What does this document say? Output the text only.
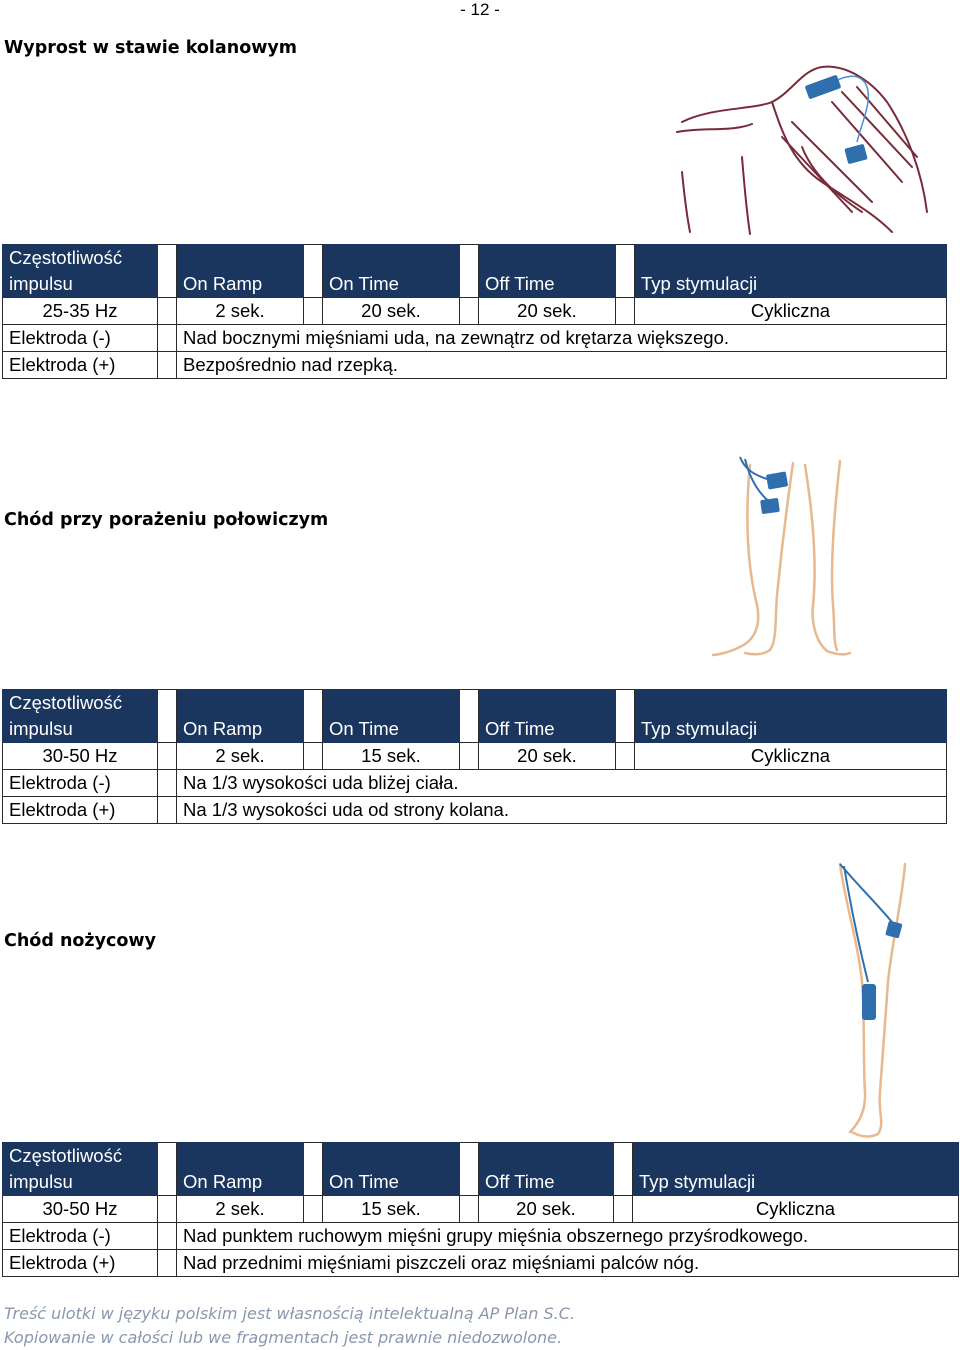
- 12 -
Wyprost w stawie kolanowym
Częstotliwość impulsu		On Ramp		On Time		Off Time		Typ stymulacji
25-35 Hz		2 sek.		20 sek.		20 sek.		Cykliczna
Elektroda (-)		Nad bocznymi mięśniami uda, na zewnątrz od krętarza większego.						
Elektroda (+)		Bezpośrednio nad rzepką.						
Chód przy porażeniu połowiczym
Częstotliwość impulsu		On Ramp		On Time		Off Time		Typ stymulacji
30-50 Hz		2 sek.		15 sek.		20 sek.		Cykliczna
Elektroda (-)		Na 1/3 wysokości uda bliżej ciała.						
Elektroda (+)		Na 1/3 wysokości uda od strony kolana.						
Chód nożycowy
Częstotliwość impulsu		On Ramp		On Time		Off Time		Typ stymulacji
30-50 Hz		2 sek.		15 sek.		20 sek.		Cykliczna
Elektroda (-)		Nad punktem ruchowym mięśni grupy mięśnia obszernego przyśrodkowego.						
Elektroda (+)		Nad przednimi mięśniami piszczeli oraz mięśniami palców nóg.						
Treść ulotki w języku polskim jest własnością intelektualną AP Plan S.C.
Kopiowanie w całości lub we fragmentach jest prawnie niedozwolone.
